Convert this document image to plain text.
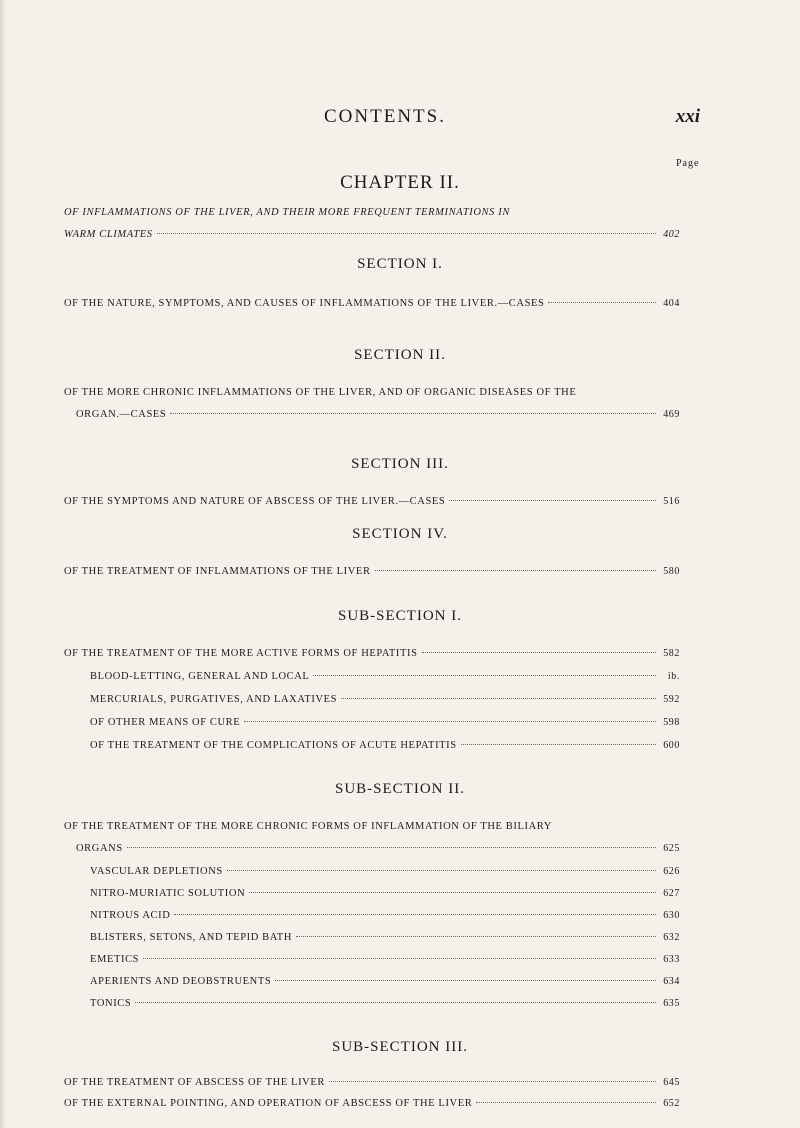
CONTENTS.	xxi
Page
CHAPTER II.
OF INFLAMMATIONS OF THE LIVER, AND THEIR MORE FREQUENT TERMINATIONS IN
WARM CLIMATES	402
SECTION I.
OF THE NATURE, SYMPTOMS, AND CAUSES OF INFLAMMATIONS OF THE LIVER.—CASES	404
SECTION II.
OF THE MORE CHRONIC INFLAMMATIONS OF THE LIVER, AND OF ORGANIC DISEASES OF THE
ORGAN.—CASES	469
SECTION III.
OF THE SYMPTOMS AND NATURE OF ABSCESS OF THE LIVER.—CASES	516
SECTION IV.
OF THE TREATMENT OF INFLAMMATIONS OF THE LIVER	580
SUB-SECTION I.
OF THE TREATMENT OF THE MORE ACTIVE FORMS OF HEPATITIS	582
BLOOD-LETTING, GENERAL AND LOCAL	ib.
MERCURIALS, PURGATIVES, AND LAXATIVES	592
OF OTHER MEANS OF CURE	598
OF THE TREATMENT OF THE COMPLICATIONS OF ACUTE HEPATITIS	600
SUB-SECTION II.
OF THE TREATMENT OF THE MORE CHRONIC FORMS OF INFLAMMATION OF THE BILIARY
ORGANS	625
VASCULAR DEPLETIONS	626
NITRO-MURIATIC SOLUTION	627
NITROUS ACID	630
BLISTERS, SETONS, AND TEPID BATH	632
EMETICS	633
APERIENTS AND DEOBSTRUENTS	634
TONICS	635
SUB-SECTION III.
OF THE TREATMENT OF ABSCESS OF THE LIVER	645
OF THE EXTERNAL POINTING, AND OPERATION OF ABSCESS OF THE LIVER	652
